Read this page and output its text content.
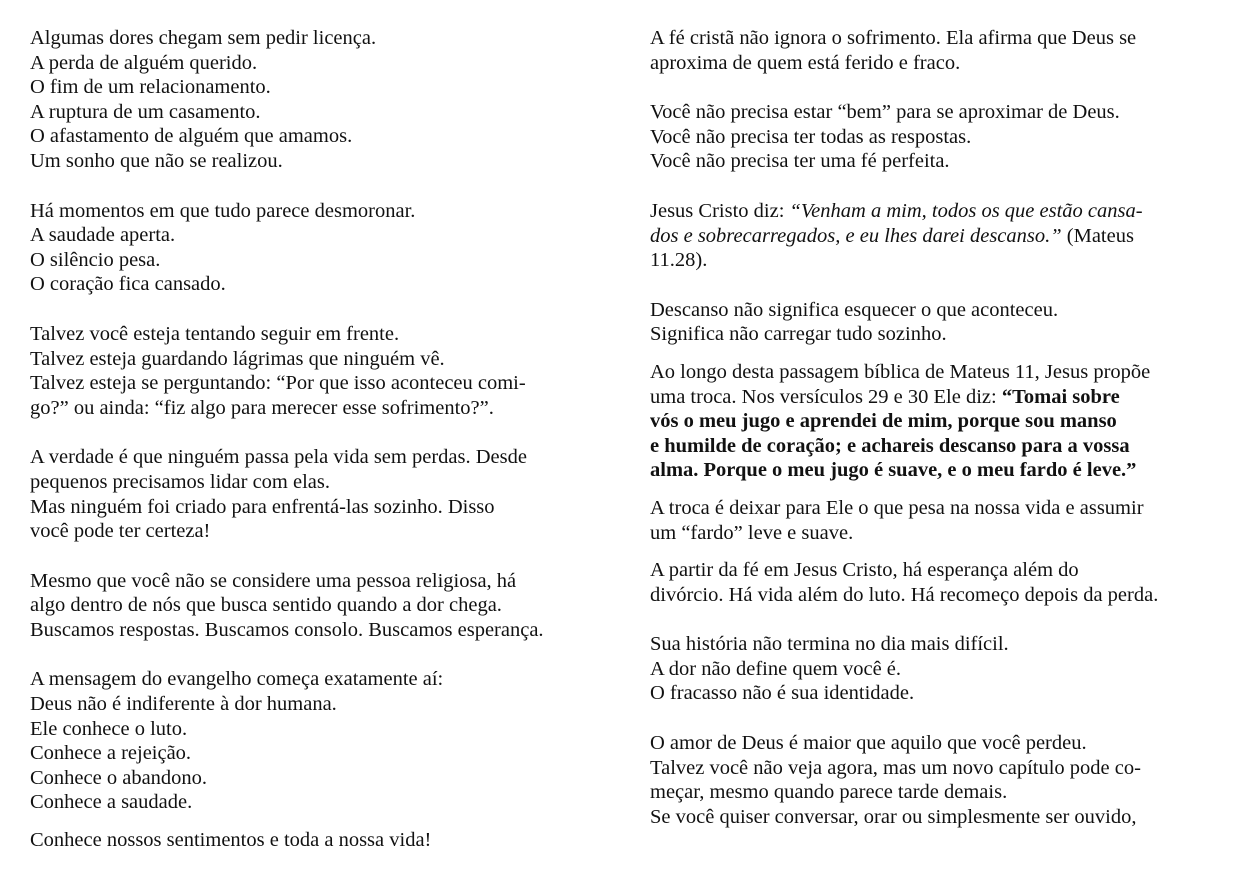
Algumas dores chegam sem pedir licença.
A perda de alguém querido.
O fim de um relacionamento.
A ruptura de um casamento.
O afastamento de alguém que amamos.
Um sonho que não se realizou.

Há momentos em que tudo parece desmoronar.
A saudade aperta.
O silêncio pesa.
O coração fica cansado.

Talvez você esteja tentando seguir em frente.
Talvez esteja guardando lágrimas que ninguém vê.
Talvez esteja se perguntando: “Por que isso aconteceu comi-
go?” ou ainda: “fiz algo para merecer esse sofrimento?”.

A verdade é que ninguém passa pela vida sem perdas. Desde
pequenos precisamos lidar com elas.
Mas ninguém foi criado para enfrentá-las sozinho. Disso
você pode ter certeza!

Mesmo que você não se considere uma pessoa religiosa, há
algo dentro de nós que busca sentido quando a dor chega.
Buscamos respostas. Buscamos consolo. Buscamos esperança.

A mensagem do evangelho começa exatamente aí:
Deus não é indiferente à dor humana.
Ele conhece o luto.
Conhece a rejeição.
Conhece o abandono.
Conhece a saudade.

Conhece nossos sentimentos e toda a nossa vida!

A fé cristã não ignora o sofrimento. Ela afirma que Deus se
aproxima de quem está ferido e fraco.

Você não precisa estar “bem” para se aproximar de Deus.
Você não precisa ter todas as respostas.
Você não precisa ter uma fé perfeita.

Jesus Cristo diz: “Venham a mim, todos os que estão cansa-
dos e sobrecarregados, e eu lhes darei descanso.” (Mateus
11.28).

Descanso não significa esquecer o que aconteceu.
Significa não carregar tudo sozinho.

Ao longo desta passagem bíblica de Mateus 11, Jesus propõe
uma troca. Nos versículos 29 e 30 Ele diz: “Tomai sobre
vós o meu jugo e aprendei de mim, porque sou manso
e humilde de coração; e achareis descanso para a vossa
alma. Porque o meu jugo é suave, e o meu fardo é leve.”

A troca é deixar para Ele o que pesa na nossa vida e assumir
um “fardo” leve e suave.

A partir da fé em Jesus Cristo, há esperança além do
divórcio. Há vida além do luto. Há recomeço depois da perda.

Sua história não termina no dia mais difícil.
A dor não define quem você é.
O fracasso não é sua identidade.

O amor de Deus é maior que aquilo que você perdeu.
Talvez você não veja agora, mas um novo capítulo pode co-
meçar, mesmo quando parece tarde demais.
Se você quiser conversar, orar ou simplesmente ser ouvido,
